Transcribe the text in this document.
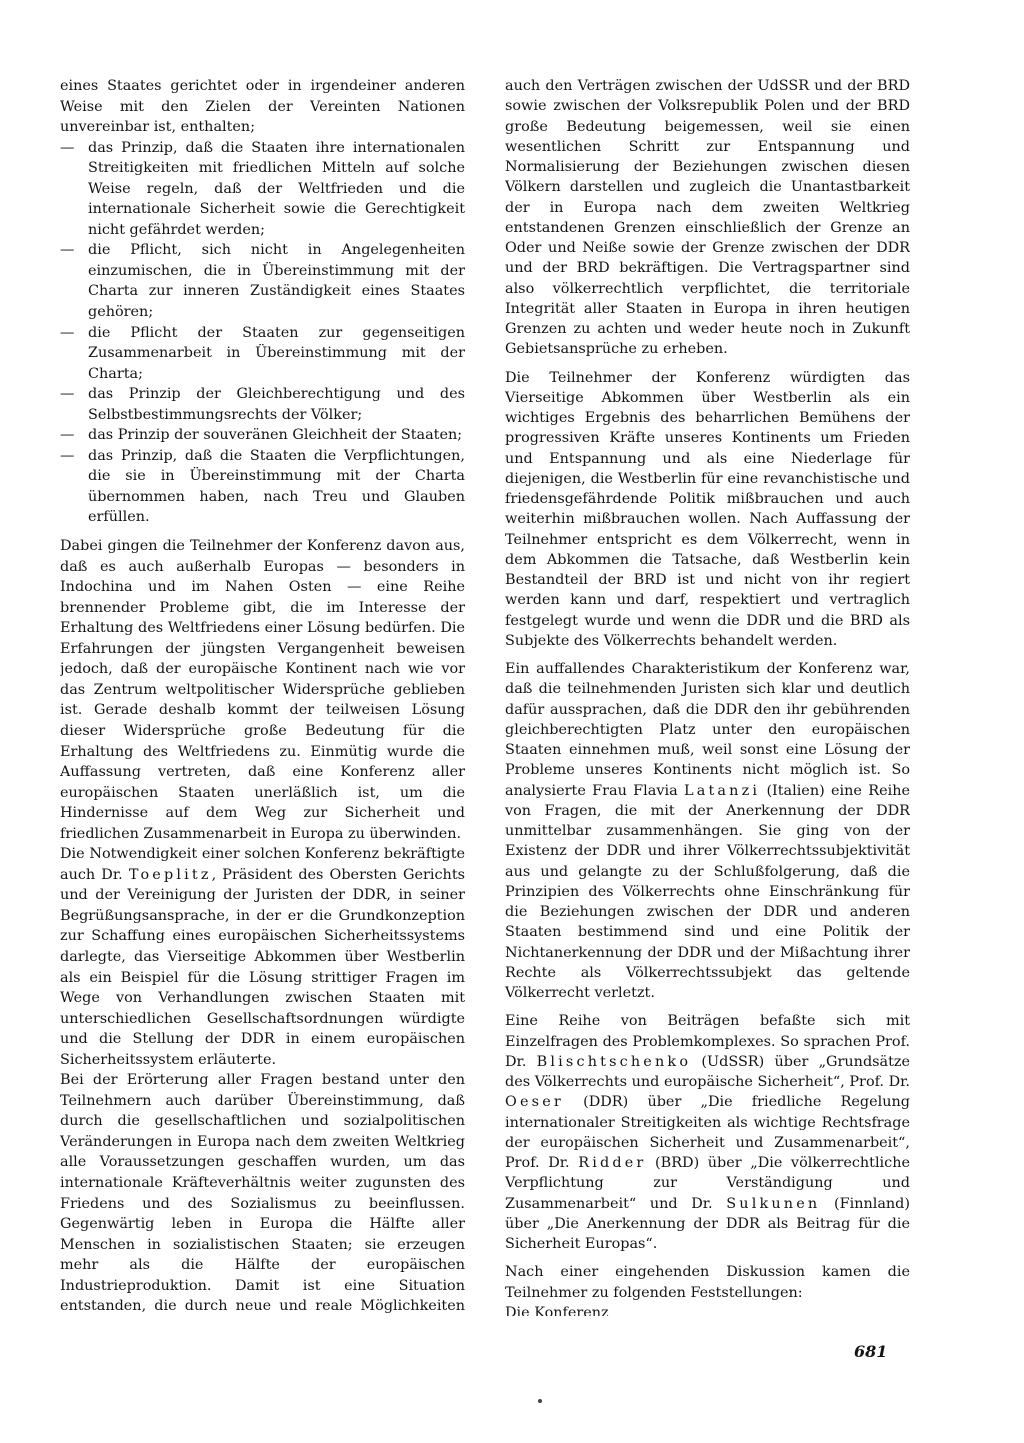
eines Staates gerichtet oder in irgendeiner anderen Weise mit den Zielen der Vereinten Nationen unvereinbar ist, enthalten;

— das Prinzip, daß die Staaten ihre internationalen Streitigkeiten mit friedlichen Mitteln auf solche Weise regeln, daß der Weltfrieden und die internationale Sicherheit sowie die Gerechtigkeit nicht gefährdet werden;

— die Pflicht, sich nicht in Angelegenheiten einzumischen, die in Übereinstimmung mit der Charta zur inneren Zuständigkeit eines Staates gehören;

— die Pflicht der Staaten zur gegenseitigen Zusammenarbeit in Übereinstimmung mit der Charta;

— das Prinzip der Gleichberechtigung und des Selbstbestimmungsrechts der Völker;

— das Prinzip der souveränen Gleichheit der Staaten;

— das Prinzip, daß die Staaten die Verpflichtungen, die sie in Übereinstimmung mit der Charta übernommen haben, nach Treu und Glauben erfüllen.

Dabei gingen die Teilnehmer der Konferenz davon aus, daß es auch außerhalb Europas — besonders in Indochina und im Nahen Osten — eine Reihe brennender Probleme gibt, die im Interesse der Erhaltung des Weltfriedens einer Lösung bedürfen. Die Erfahrungen der jüngsten Vergangenheit beweisen jedoch, daß der europäische Kontinent nach wie vor das Zentrum weltpolitischer Widersprüche geblieben ist. Gerade deshalb kommt der teilweisen Lösung dieser Widersprüche große Bedeutung für die Erhaltung des Weltfriedens zu. Einmütig wurde die Auffassung vertreten, daß eine Konferenz aller europäischen Staaten unerläßlich ist, um die Hindernisse auf dem Weg zur Sicherheit und friedlichen Zusammenarbeit in Europa zu überwinden.

Die Notwendigkeit einer solchen Konferenz bekräftigte auch Dr. Toeplitz, Präsident des Obersten Gerichts und der Vereinigung der Juristen der DDR, in seiner Begrüßungsansprache, in der er die Grundkonzeption zur Schaffung eines europäischen Sicherheitssystems darlegte, das Vierseitige Abkommen über Westberlin als ein Beispiel für die Lösung strittiger Fragen im Wege von Verhandlungen zwischen Staaten mit unterschiedlichen Gesellschaftsordnungen würdigte und die Stellung der DDR in einem europäischen Sicherheitssystem erläuterte.

Bei der Erörterung aller Fragen bestand unter den Teilnehmern auch darüber Übereinstimmung, daß durch die gesellschaftlichen und sozialpolitischen Veränderungen in Europa nach dem zweiten Weltkrieg alle Voraussetzungen geschaffen wurden, um das internationale Kräfteverhältnis weiter zugunsten des Friedens und des Sozialismus zu beeinflussen. Gegenwärtig leben in Europa die Hälfte aller Menschen in sozialistischen Staaten; sie erzeugen mehr als die Hälfte der europäischen Industrieproduktion. Damit ist eine Situation entstanden, die durch neue und reale Möglichkeiten

auch den Verträgen zwischen der UdSSR und der BRD sowie zwischen der Volksrepublik Polen und der BRD große Bedeutung beigemessen, weil sie einen wesentlichen Schritt zur Entspannung und Normalisierung der Beziehungen zwischen diesen Völkern darstellen und zugleich die Unantastbarkeit der in Europa nach dem zweiten Weltkrieg entstandenen Grenzen einschließlich der Grenze an Oder und Neiße sowie der Grenze zwischen der DDR und der BRD bekräftigen. Die Vertragspartner sind also völkerrechtlich verpflichtet, die territoriale Integrität aller Staaten in Europa in ihren heutigen Grenzen zu achten und weder heute noch in Zukunft Gebietsansprüche zu erheben.

Die Teilnehmer der Konferenz würdigten das Vierseitige Abkommen über Westberlin als ein wichtiges Ergebnis des beharrlichen Bemühens der progressiven Kräfte unseres Kontinents um Frieden und Entspannung und als eine Niederlage für diejenigen, die Westberlin für eine revanchistische und friedensgefährdende Politik mißbrauchen und auch weiterhin mißbrauchen wollen. Nach Auffassung der Teilnehmer entspricht es dem Völkerrecht, wenn in dem Abkommen die Tatsache, daß Westberlin kein Bestandteil der BRD ist und nicht von ihr regiert werden kann und darf, respektiert und vertraglich festgelegt wurde und wenn die DDR und die BRD als Subjekte des Völkerrechts behandelt werden.

Ein auffallendes Charakteristikum der Konferenz war, daß die teilnehmenden Juristen sich klar und deutlich dafür aussprachen, daß die DDR den ihr gebührenden gleichberechtigten Platz unter den europäischen Staaten einnehmen muß, weil sonst eine Lösung der Probleme unseres Kontinents nicht möglich ist. So analysierte Frau Flavia Latanzi (Italien) eine Reihe von Fragen, die mit der Anerkennung der DDR unmittelbar zusammenhängen. Sie ging von der Existenz der DDR und ihrer Völkerrechtssubjektivität aus und gelangte zu der Schlußfolgerung, daß die Prinzipien des Völkerrechts ohne Einschränkung für die Beziehungen zwischen der DDR und anderen Staaten bestimmend sind und eine Politik der Nichtanerkennung der DDR und der Mißachtung ihrer Rechte als Völkerrechtssubjekt das geltende Völkerrecht verletzt.

Eine Reihe von Beiträgen befaßte sich mit Einzelfragen des Problemkomplexes. So sprachen Prof. Dr. Blischtschenko (UdSSR) über „Grundsätze des Völkerrechts und europäische Sicherheit“, Prof. Dr. Oeser (DDR) über „Die friedliche Regelung internationaler Streitigkeiten als wichtige Rechtsfrage der europäischen Sicherheit und Zusammenarbeit“, Prof. Dr. Ridder (BRD) über „Die völkerrechtliche Verpflichtung zur Verständigung und Zusammenarbeit“ und Dr. Sulkunen (Finnland) über „Die Anerkennung der DDR als Beitrag für die Sicherheit Europas“.

Nach einer eingehenden Diskussion kamen die Teilnehmer zu folgenden Feststellungen:

Die Konferenz

681
